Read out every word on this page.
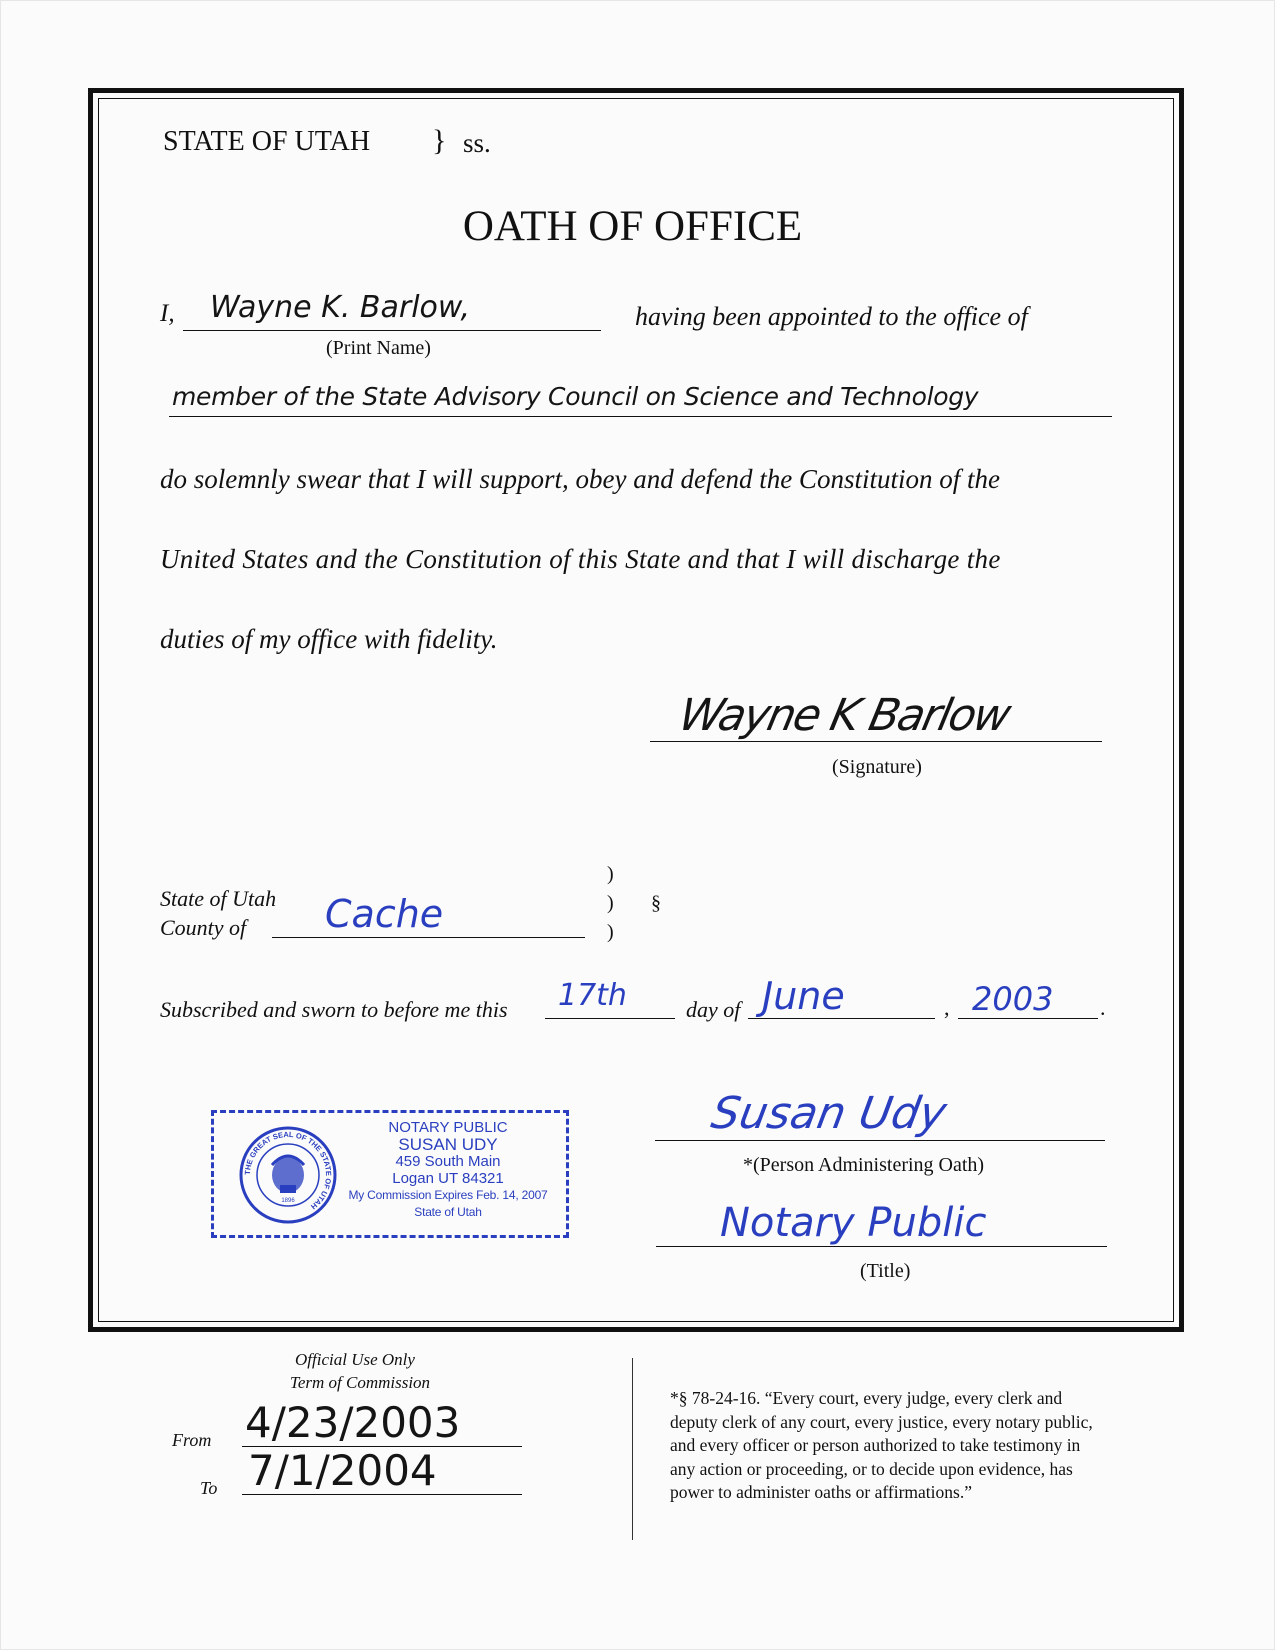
STATE OF UTAH } ss.
OATH OF OFFICE
I, Wayne K. Barlow,
(Print Name)
having been appointed to the office of
member of the State Advisory Council on Science and Technology
do solemnly swear that I will support, obey and defend the Constitution of the
United States and the Constitution of this State and that I will discharge the
duties of my office with fidelity.
Wayne K Barlow
(Signature)
State of Utah
County of Cache
)
)
)
§
Subscribed and sworn to before me this 17th	day of June	, 2003 .
THE GREAT SEAL OF THE STATE OF UTAH
1896
NOTARY PUBLIC
SUSAN UDY
459 South Main
Logan UT 84321
My Commission Expires Feb. 14, 2007
State of Utah
Susan Udy
*(Person Administering Oath)
Notary Public
(Title)
Official Use Only
Term of Commission
From 4/23/2003
To 7/1/2004
*§ 78-24-16. “Every court, every judge, every clerk and
deputy clerk of any court, every justice, every notary public,
and every officer or person authorized to take testimony in
any action or proceeding, or to decide upon evidence, has
power to administer oaths or affirmations.”
